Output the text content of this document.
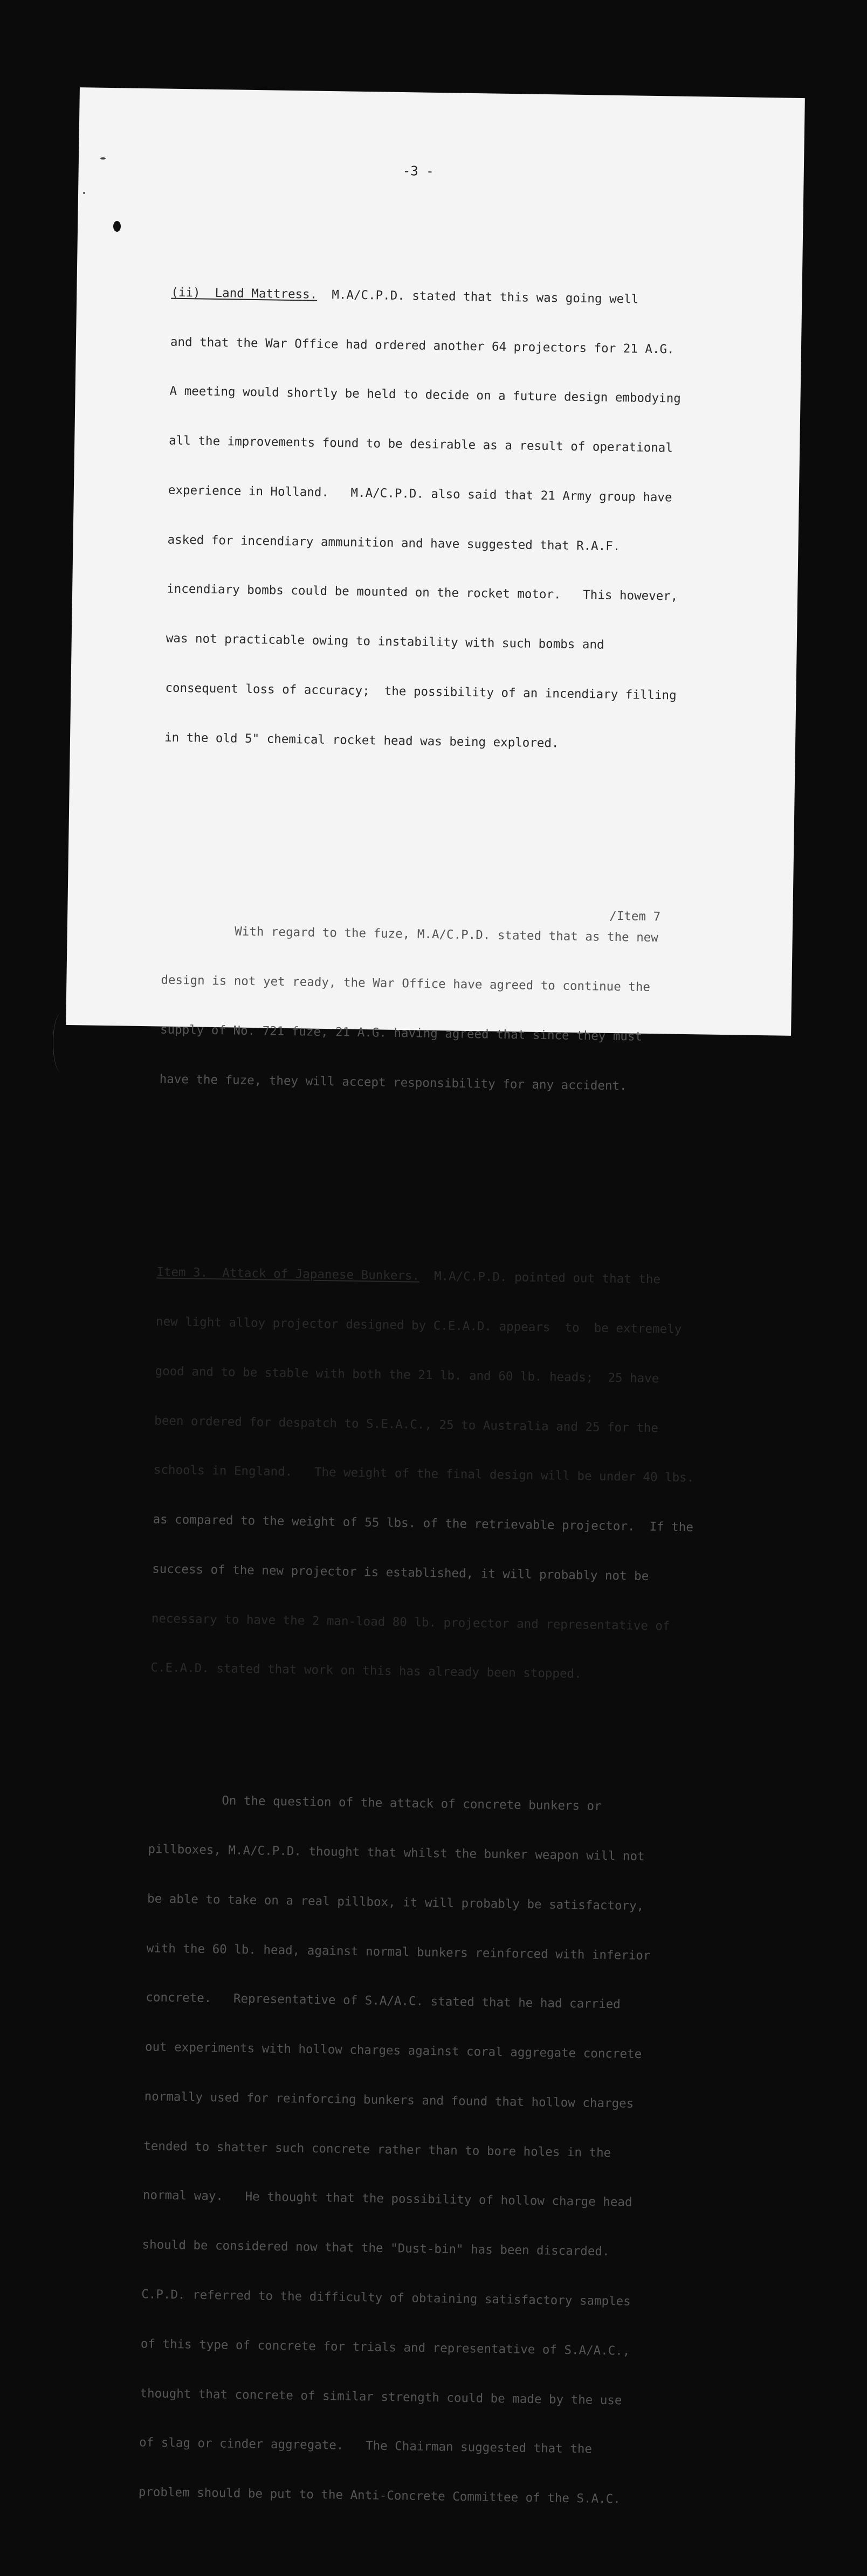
-3 -

(ii)  Land Mattress.  M.A/C.P.D. stated that this was going well

and that the War Office had ordered another 64 projectors for 21 A.G.

A meeting would shortly be held to decide on a future design embodying

all the improvements found to be desirable as a result of operational

experience in Holland.   M.A/C.P.D. also said that 21 Army group have

asked for incendiary ammunition and have suggested that R.A.F.

incendiary bombs could be mounted on the rocket motor.   This however,

was not practicable owing to instability with such bombs and

consequent loss of accuracy;  the possibility of an incendiary filling

in the old 5" chemical rocket head was being explored.

With regard to the fuze, M.A/C.P.D. stated that as the new

design is not yet ready, the War Office have agreed to continue the

supply of No. 721 fuze, 21 A.G. having agreed that since they must

have the fuze, they will accept responsibility for any accident.

Item 3.  Attack of Japanese Bunkers.  M.A/C.P.D. pointed out that the

new light alloy projector designed by C.E.A.D. appears  to  be extremely

good and to be stable with both the 21 lb. and 60 lb. heads;  25 have

been ordered for despatch to S.E.A.C., 25 to Australia and 25 for the

schools in England.   The weight of the final design will be under 40 lbs.

as compared to the weight of 55 lbs. of the retrievable projector.  If the

success of the new projector is established, it will probably not be

necessary to have the 2 man-load 80 lb. projector and representative of

C.E.A.D. stated that work on this has already been stopped.

On the question of the attack of concrete bunkers or

pillboxes, M.A/C.P.D. thought that whilst the bunker weapon will not

be able to take on a real pillbox, it will probably be satisfactory,

with the 60 lb. head, against normal bunkers reinforced with inferior

concrete.   Representative of S.A/A.C. stated that he had carried

out experiments with hollow charges against coral aggregate concrete

normally used for reinforcing bunkers and found that hollow charges

tended to shatter such concrete rather than to bore holes in the

normal way.   He thought that the possibility of hollow charge head

should be considered now that the "Dust-bin" has been discarded.

C.P.D. referred to the difficulty of obtaining satisfactory samples

of this type of concrete for trials and representative of S.A/A.C.,

thought that concrete of similar strength could be made by the use

of slag or cinder aggregate.   The Chairman suggested that the

problem should be put to the Anti-Concrete Committee of the S.A.C.

/Item 7
